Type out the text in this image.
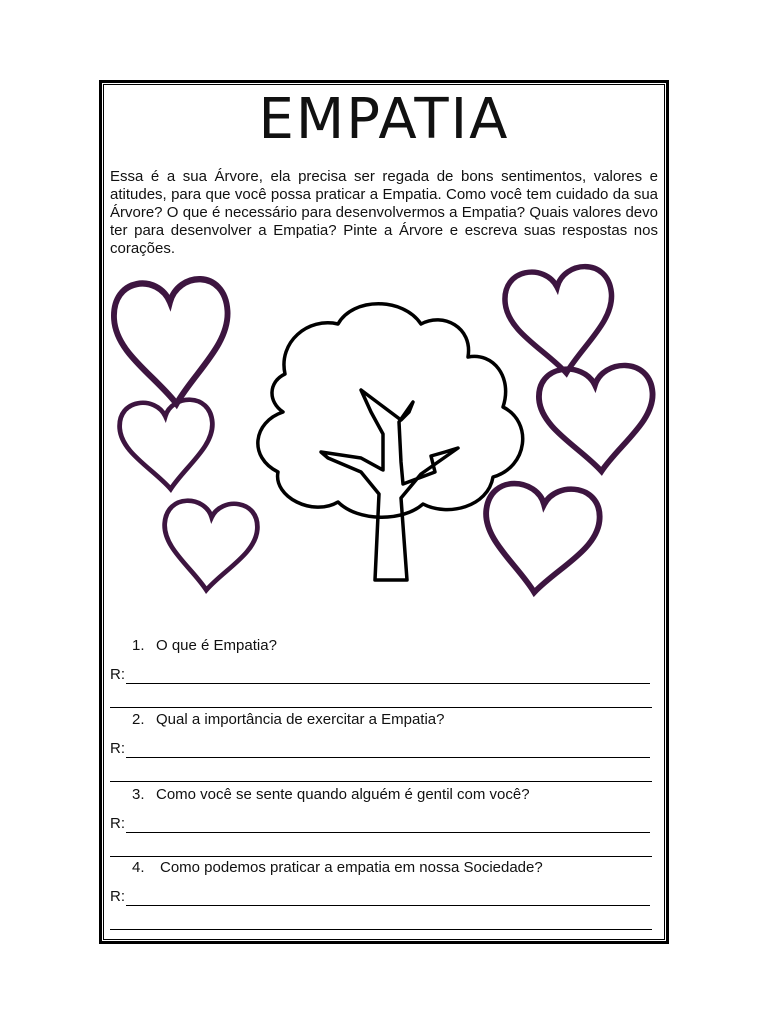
EMPATIA

Essa é a sua Árvore, ela precisa ser regada de bons sentimentos, valores e atitudes, para que você possa praticar a Empatia. Como você tem cuidado da sua Árvore? O que é necessário para desenvolvermos a Empatia? Quais valores devo ter para desenvolver a Empatia? Pinte a Árvore e escreva suas respostas nos corações.

1. O que é Empatia?
R:
2. Qual a importância de exercitar a Empatia?
R:
3. Como você se sente quando alguém é gentil com você?
R:
4. Como podemos praticar a empatia em nossa Sociedade?
R:
